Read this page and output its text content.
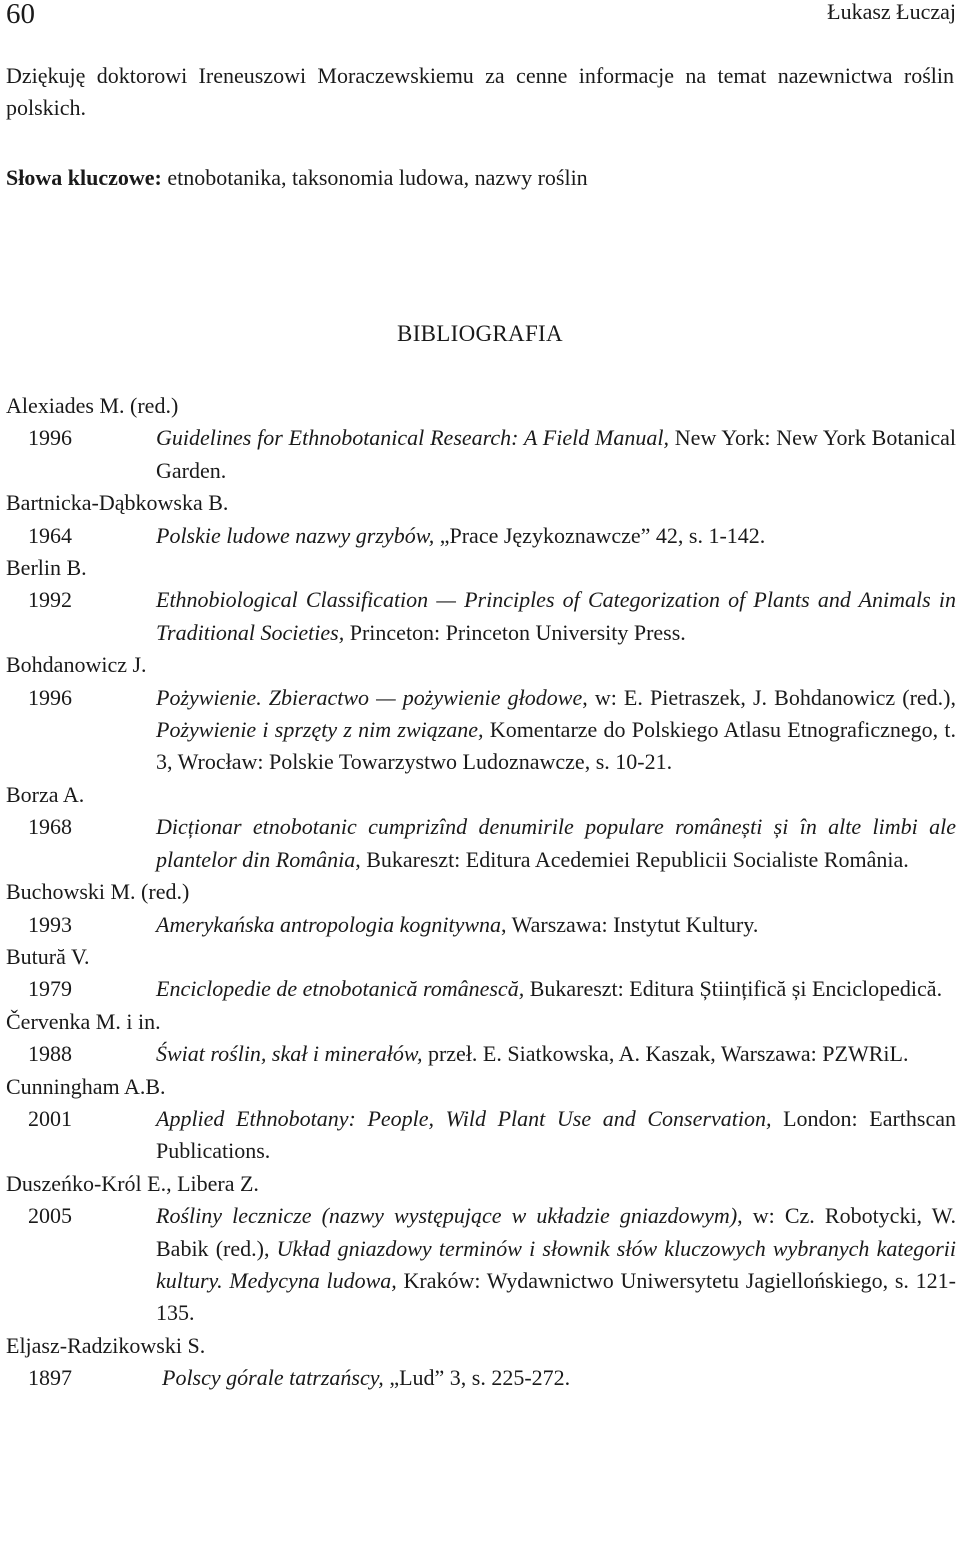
60	Łukasz Łuczaj

Dziękuję doktorowi Ireneuszowi Moraczewskiemu za cenne informacje na temat nazewnictwa roślin polskich.

Słowa kluczowe: etnobotanika, taksonomia ludowa, nazwy roślin

BIBLIOGRAFIA
Alexiades M. (red.)
1996	Guidelines for Ethnobotanical Research: A Field Manual, New York: New York Botanical Garden.
Bartnicka-Dąbkowska B.
1964	Polskie ludowe nazwy grzybów, „Prace Językoznawcze” 42, s. 1-142.
Berlin B.
1992	Ethnobiological Classification — Principles of Categorization of Plants and Animals in Traditional Societies, Princeton: Princeton University Press.
Bohdanowicz J.
1996	Pożywienie. Zbieractwo — pożywienie głodowe, w: E. Pietraszek, J. Bohdanowicz (red.), Pożywienie i sprzęty z nim związane, Komentarze do Polskiego Atlasu Etnograficznego, t. 3, Wrocław: Polskie Towarzystwo Ludoznawcze, s. 10-21.
Borza A.
1968	Dicționar etnobotanic cumprizînd denumirile populare românești și în alte limbi ale plantelor din România, Bukareszt: Editura Acedemiei Republicii Socialiste România.
Buchowski M. (red.)
1993	Amerykańska antropologia kognitywna, Warszawa: Instytut Kultury.
Butură V.
1979	Enciclopedie de etnobotanică românescă, Bukareszt: Editura Științifică și Enciclopedică.
Červenka M. i in.
1988	Świat roślin, skał i minerałów, przeł. E. Siatkowska, A. Kaszak, Warszawa: PZWRiL.
Cunningham A.B.
2001	Applied Ethnobotany: People, Wild Plant Use and Conservation, London: Earthscan Publications.
Duszeńko-Król E., Libera Z.
2005	Rośliny lecznicze (nazwy występujące w układzie gniazdowym), w: Cz. Robotycki, W. Babik (red.), Układ gniazdowy terminów i słownik słów kluczowych wybranych kategorii kultury. Medycyna ludowa, Kraków: Wydawnictwo Uniwersytetu Jagiellońskiego, s. 121-135.
Eljasz-Radzikowski S.
1897	Polscy górale tatrzańscy, „Lud” 3, s. 225-272.
